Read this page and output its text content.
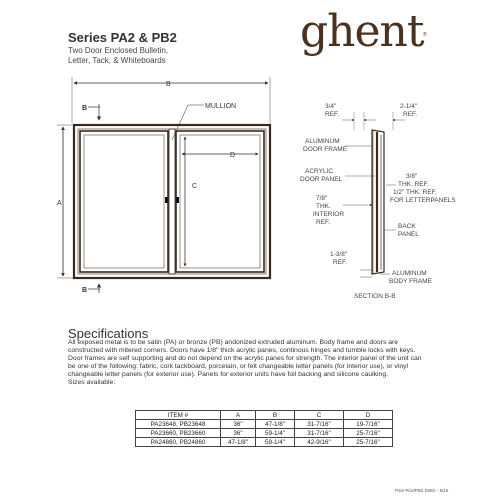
Series PA2 & PB2
Two Door Enclosed Bulletin,
Letter, Tack, & Whiteboards
ghent ®
B
A
MULLION
D
C
B
B
3/4"
REF.
2-1/4"
REF.
ALUMINUM
DOOR FRAME
ACRYLIC
DOOR PANEL
7/8"
THK.
INTERIOR
REF.
1-3/8"
REF.
3/8"
THK. REF.
1/2" THK. REF.
FOR LETTERPANELS
BACK
PANEL
ALUMINUM
BODY FRAME
SECTION B-B
Specifications
All exposed metal is to be satin (PA) or bronze (PB) andonized extruded aluminum. Body frame and doors are constructed with mitered corners. Doors have 1/8" thick acrylic panes, continous hinges and tumble locks with keys. Door frames are self supporting and do not depend on the acrylic panes for strength. The interior panel of the unit can be one of the following: fabric, cork tackboard, porcelain, or felt changeable letter panels (for interior use), or vinyl changeable letter panels (for exterior use). Panels for exterior units have foil backing and silicone caulking.
Sizes available:
ITEM #	A	B	C	D
PA23648, PB23648	36"	47-1/8"	31-7/16"	19-7/16"
PA23660, PB23660	36"	59-1/4"	31-7/16"	25-7/16"
PA24860, PB24860	47-1/8"	59-1/4"	42-9/16"	25-7/16"
PSS-PA2/PB2.DWG - 8/15
